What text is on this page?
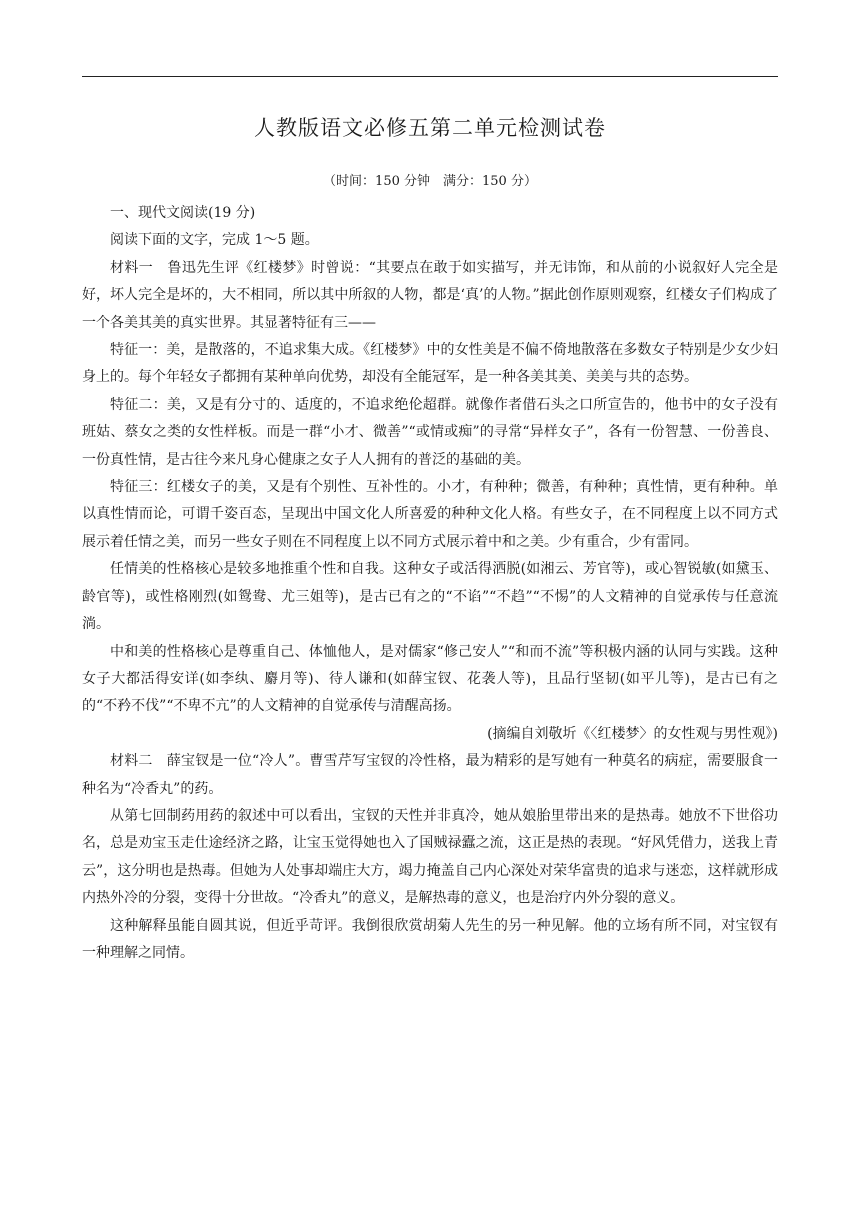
人教版语文必修五第二单元检测试卷
（时间：150 分钟　满分：150 分）

一、现代文阅读(19 分)

阅读下面的文字，完成 1～5 题。

材料一　鲁迅先生评《红楼梦》时曾说：“其要点在敢于如实描写，并无讳饰，和从前的小说叙好人完全是好，坏人完全是坏的，大不相同，所以其中所叙的人物，都是‘真’的人物。”据此创作原则观察，红楼女子们构成了一个各美其美的真实世界。其显著特征有三——

特征一：美，是散落的，不追求集大成。《红楼梦》中的女性美是不偏不倚地散落在多数女子特别是少女少妇身上的。每个年轻女子都拥有某种单向优势，却没有全能冠军，是一种各美其美、美美与共的态势。

特征二：美，又是有分寸的、适度的，不追求绝伦超群。就像作者借石头之口所宣告的，他书中的女子没有班姑、蔡女之类的女性样板。而是一群“小才、微善”“或情或痴”的寻常“异样女子”，各有一份智慧、一份善良、一份真性情，是古往今来凡身心健康之女子人人拥有的普泛的基础的美。

特征三：红楼女子的美，又是有个别性、互补性的。小才，有种种；微善，有种种；真性情，更有种种。单以真性情而论，可谓千姿百态，呈现出中国文化人所喜爱的种种文化人格。有些女子，在不同程度上以不同方式展示着任情之美，而另一些女子则在不同程度上以不同方式展示着中和之美。少有重合，少有雷同。

任情美的性格核心是较多地推重个性和自我。这种女子或活得洒脱(如湘云、芳官等)，或心智锐敏(如黛玉、龄官等)，或性格刚烈(如鸳鸯、尤三姐等)，是古已有之的“不谄”“不趋”“不惕”的人文精神的自觉承传与任意流淌。

中和美的性格核心是尊重自己、体恤他人，是对儒家“修己安人”“和而不流”等积极内涵的认同与实践。这种女子大都活得安详(如李纨、麝月等)、待人谦和(如薛宝钗、花袭人等)，且品行坚韧(如平儿等)，是古已有之的“不矜不伐”“不卑不亢”的人文精神的自觉承传与清醒高扬。

(摘编自刘敬圻《〈红楼梦〉的女性观与男性观》)

材料二　薛宝钗是一位“冷人”。曹雪芹写宝钗的冷性格，最为精彩的是写她有一种莫名的病症，需要服食一种名为“冷香丸”的药。

从第七回制药用药的叙述中可以看出，宝钗的天性并非真冷，她从娘胎里带出来的是热毒。她放不下世俗功名，总是劝宝玉走仕途经济之路，让宝玉觉得她也入了国贼禄蠹之流，这正是热的表现。“好风凭借力，送我上青云”，这分明也是热毒。但她为人处事却端庄大方，竭力掩盖自己内心深处对荣华富贵的追求与迷恋，这样就形成内热外冷的分裂，变得十分世故。“冷香丸”的意义，是解热毒的意义，也是治疗内外分裂的意义。

这种解释虽能自圆其说，但近乎苛评。我倒很欣赏胡菊人先生的另一种见解。他的立场有所不同，对宝钗有一种理解之同情。
